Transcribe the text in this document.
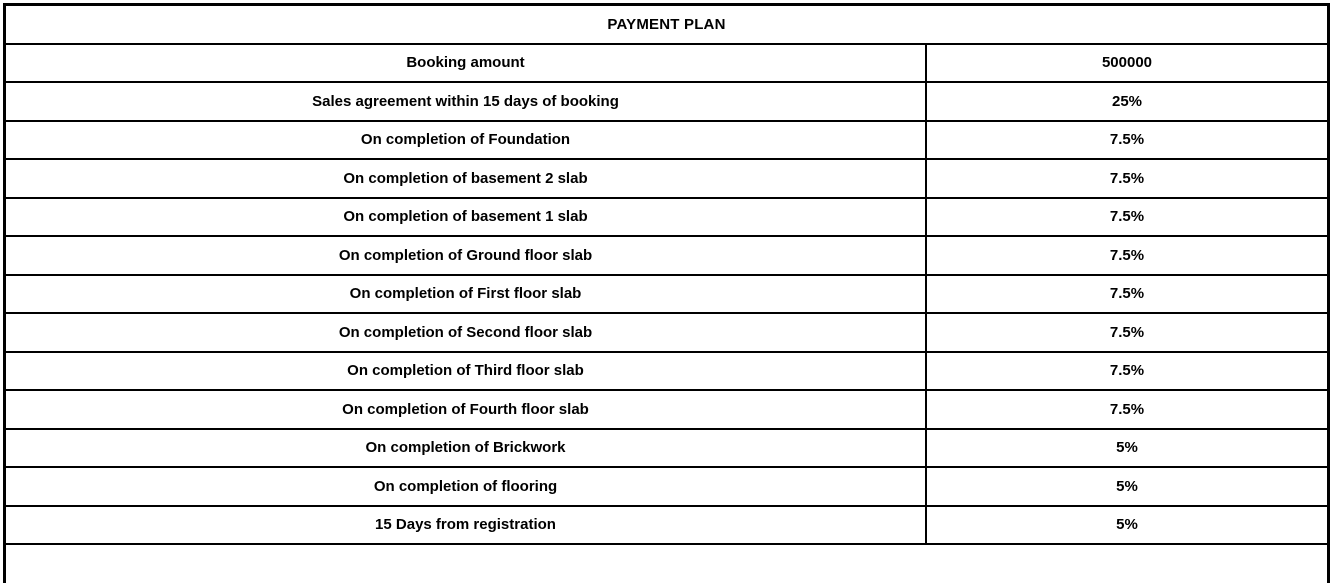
PAYMENT PLAN	
Booking amount	500000
Sales agreement within 15 days of booking	25%
On completion of Foundation	7.5%
On completion of basement 2 slab	7.5%
On completion of basement 1 slab	7.5%
On completion of Ground floor slab	7.5%
On completion of First floor slab	7.5%
On completion of Second floor slab	7.5%
On completion of Third floor slab	7.5%
On completion of Fourth floor slab	7.5%
On completion of Brickwork	5%
On completion of flooring	5%
15 Days from registration	5%
